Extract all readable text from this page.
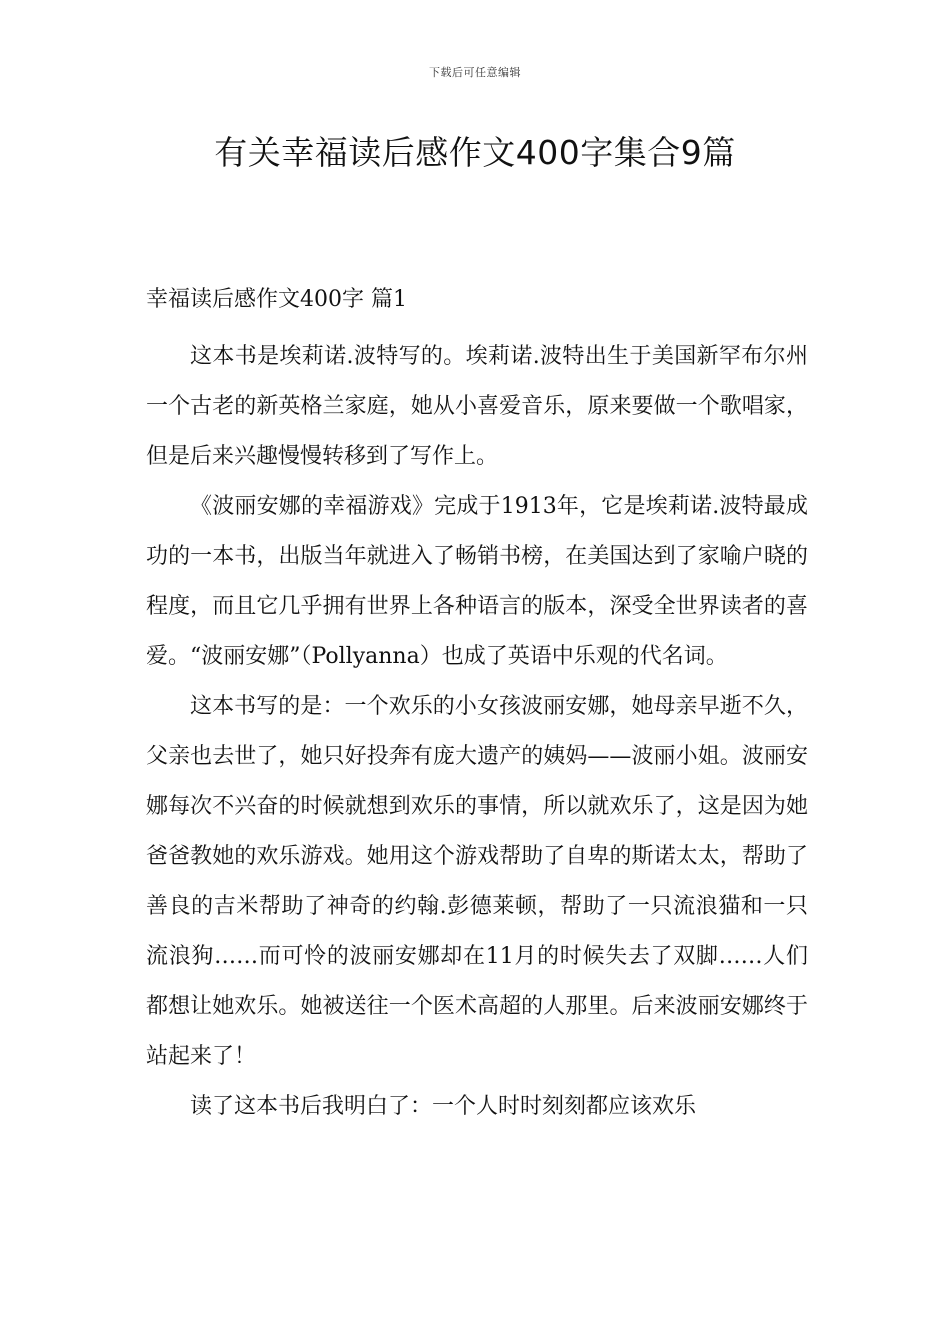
下载后可任意编辑
有关幸福读后感作文400字集合9篇
幸福读后感作文400字 篇1

这本书是埃莉诺.波特写的。埃莉诺.波特出生于美国新罕布尔州一个古老的新英格兰家庭，她从小喜爱音乐，原来要做一个歌唱家，但是后来兴趣慢慢转移到了写作上。

《波丽安娜的幸福游戏》完成于1913年，它是埃莉诺.波特最成功的一本书，出版当年就进入了畅销书榜，在美国达到了家喻户晓的程度，而且它几乎拥有世界上各种语言的版本，深受全世界读者的喜爱。“波丽安娜”（Pollyanna）也成了英语中乐观的代名词。

这本书写的是：一个欢乐的小女孩波丽安娜，她母亲早逝不久，父亲也去世了，她只好投奔有庞大遗产的姨妈——波丽小姐。波丽安娜每次不兴奋的时候就想到欢乐的事情，所以就欢乐了，这是因为她爸爸教她的欢乐游戏。她用这个游戏帮助了自卑的斯诺太太，帮助了善良的吉米帮助了神奇的约翰.彭德莱顿，帮助了一只流浪猫和一只流浪狗……而可怜的波丽安娜却在11月的时候失去了双脚……人们都想让她欢乐。她被送往一个医术高超的人那里。后来波丽安娜终于站起来了！

读了这本书后我明白了：一个人时时刻刻都应该欢乐
